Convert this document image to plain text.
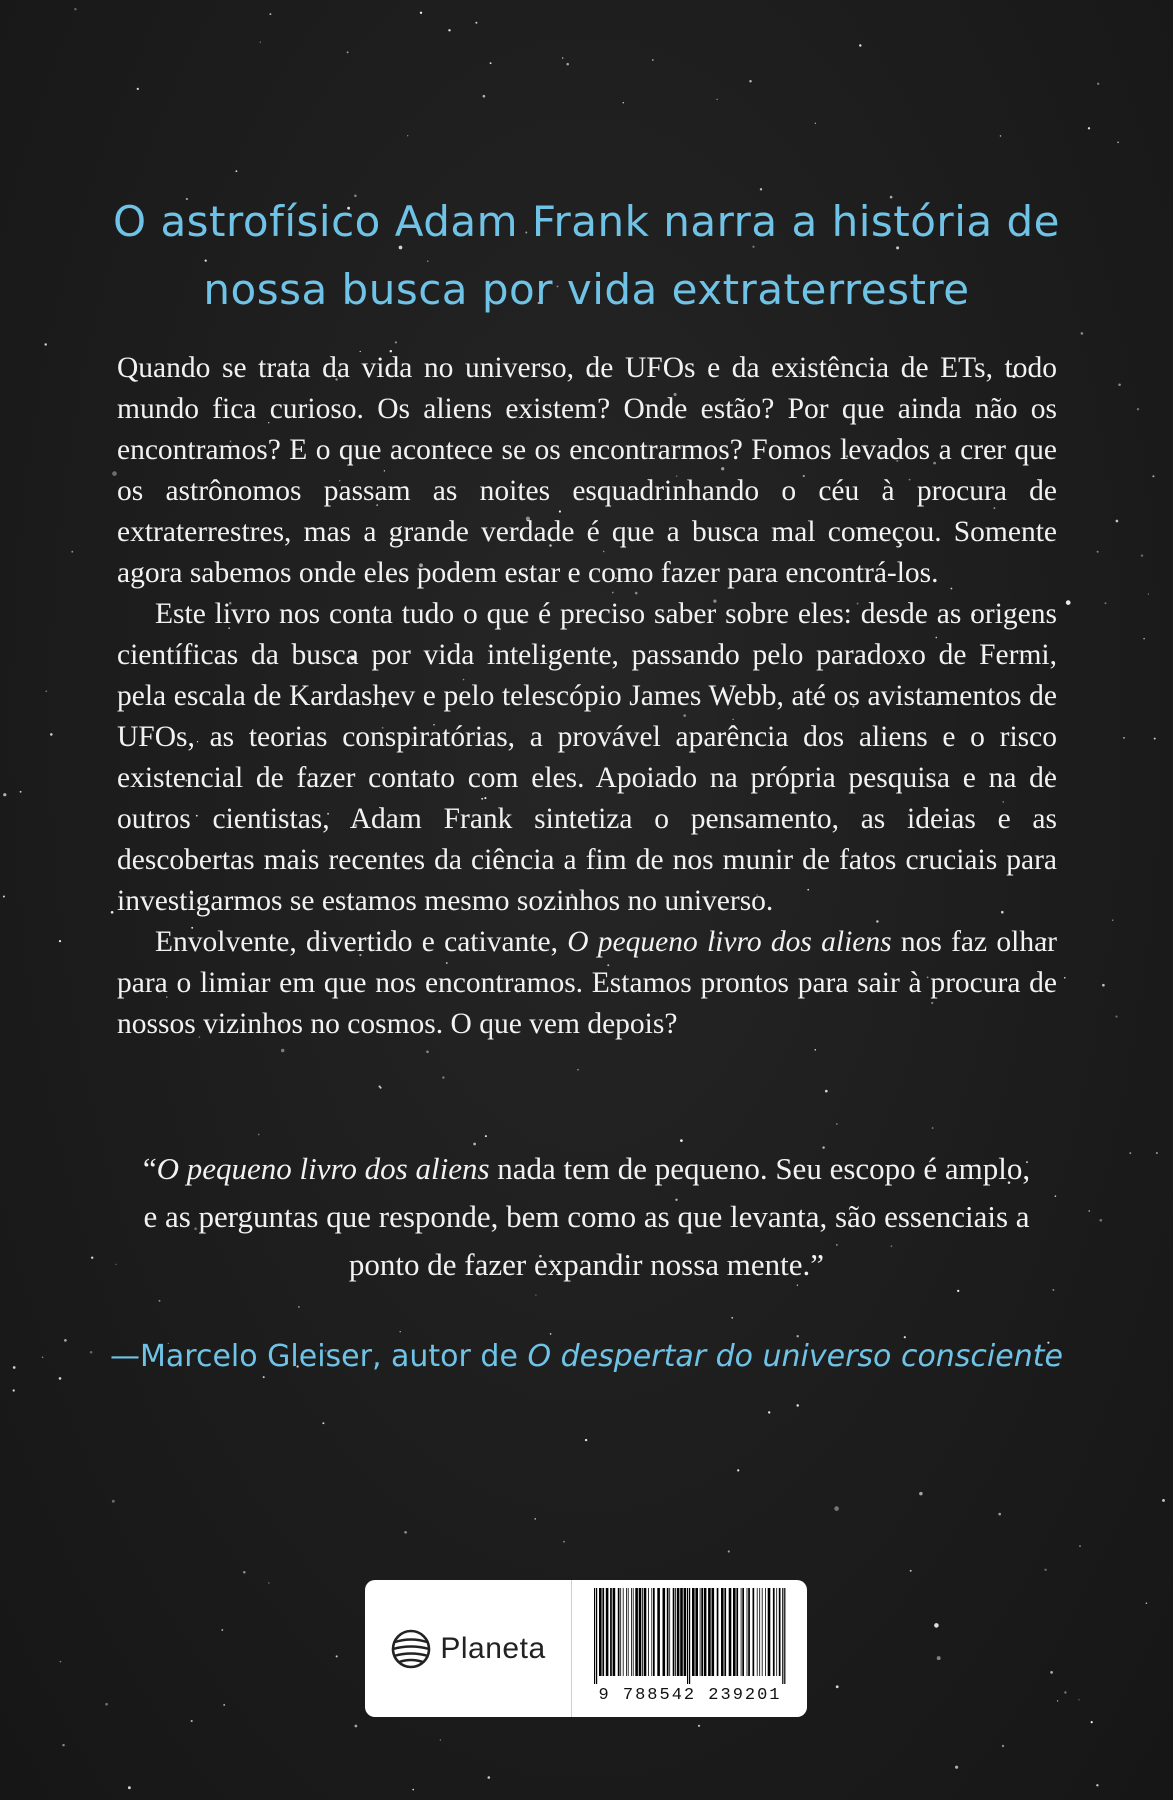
O astrofísico Adam Frank narra a história de
nossa busca por vida extraterrestre

Quando se trata da vida no universo, de UFOs e da existência de ETs, todo mundo fica curioso. Os aliens existem? Onde estão? Por que ainda não os encontramos? E o que acontece se os encontrarmos? Fomos levados a crer que os astrônomos passam as noites esquadrinhando o céu à procura de extraterrestres, mas a grande verdade é que a busca mal começou. Somente agora sabemos onde eles podem estar e como fazer para encontrá-los.

Este livro nos conta tudo o que é preciso saber sobre eles: desde as origens científicas da busca por vida inteligente, passando pelo paradoxo de Fermi, pela escala de Kardashev e pelo telescópio James Webb, até os avistamentos de UFOs, as teorias conspiratórias, a provável aparência dos aliens e o risco existencial de fazer contato com eles. Apoiado na própria pesquisa e na de outros cientistas, Adam Frank sintetiza o pensamento, as ideias e as descobertas mais recentes da ciência a fim de nos munir de fatos cruciais para investigarmos se estamos mesmo sozinhos no universo.

Envolvente, divertido e cativante, O pequeno livro dos aliens nos faz olhar para o limiar em que nos encontramos. Estamos prontos para sair à procura de nossos vizinhos no cosmos. O que vem depois?

“O pequeno livro dos aliens nada tem de pequeno. Seu escopo é amplo, e as perguntas que responde, bem como as que levanta, são essenciais a ponto de fazer expandir nossa mente.”

—Marcelo Gleiser, autor de O despertar do universo consciente
Planeta
9 788542 239201
